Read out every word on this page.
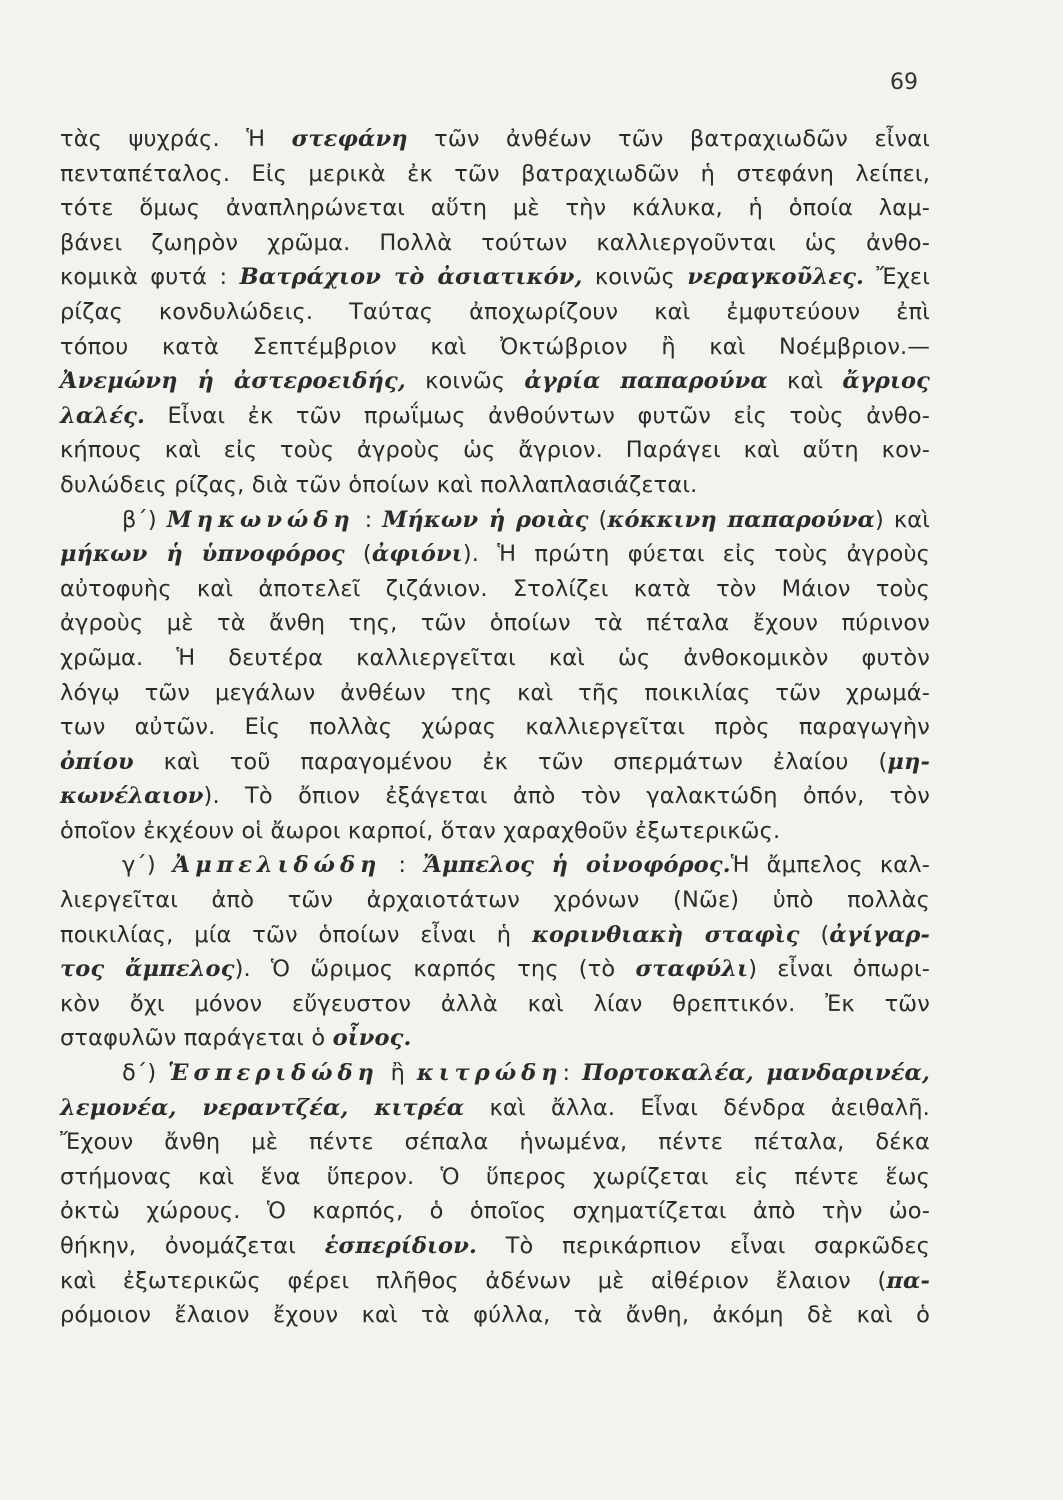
69
τὰς ψυχράς. Ἡ στεφάνη τῶν ἀνθέων τῶν βατραχιωδῶν εἶναι
πενταπέταλος. Εἰς μερικὰ ἐκ τῶν βατραχιωδῶν ἡ στεφάνη λείπει,
τότε ὅμως ἀναπληρώνεται αὕτη μὲ τὴν κάλυκα, ἡ ὁποία λαμ-
βάνει ζωηρὸν χρῶμα. Πολλὰ τούτων καλλιεργοῦνται ὡς ἀνθο-
κομικὰ φυτά : Βατράχιον τὸ ἀσιατικόν, κοινῶς νεραγκοῦλες. Ἔχει
ρίζας κονδυλώδεις. Ταύτας ἀποχωρίζουν καὶ ἐμφυτεύουν ἐπὶ
τόπου κατὰ Σεπτέμβριον καὶ Ὀκτώβριον ἢ καὶ Νοέμβριον.—
Ἀνεμώνη ἡ ἀστεροειδής, κοινῶς ἀγρία παπαρούνα καὶ ἄγριος
λαλές. Εἶναι ἐκ τῶν πρωΐμως ἀνθούντων φυτῶν εἰς τοὺς ἀνθο-
κήπους καὶ εἰς τοὺς ἀγροὺς ὡς ἄγριον. Παράγει καὶ αὕτη κον-
δυλώδεις ρίζας, διὰ τῶν ὁποίων καὶ πολλαπλασιάζεται.
β΄) Μηκωνώδη : Μήκων ἡ ροιὰς (κόκκινη παπαρούνα) καὶ
μήκων ἡ ὑπνοφόρος (ἀφιόνι). Ἡ πρώτη φύεται εἰς τοὺς ἀγροὺς
αὐτοφυὴς καὶ ἀποτελεῖ ζιζάνιον. Στολίζει κατὰ τὸν Μάιον τοὺς
ἀγροὺς μὲ τὰ ἄνθη της, τῶν ὁποίων τὰ πέταλα ἔχουν πύρινον
χρῶμα. Ἡ δευτέρα καλλιεργεῖται καὶ ὡς ἀνθοκομικὸν φυτὸν
λόγῳ τῶν μεγάλων ἀνθέων της καὶ τῆς ποικιλίας τῶν χρωμά-
των αὐτῶν. Εἰς πολλὰς χώρας καλλιεργεῖται πρὸς παραγωγὴν
ὀπίου καὶ τοῦ παραγομένου ἐκ τῶν σπερμάτων ἐλαίου (μη-
κωνέλαιον). Τὸ ὄπιον ἐξάγεται ἀπὸ τὸν γαλακτώδη ὀπόν, τὸν
ὁποῖον ἐκχέουν οἱ ἄωροι καρποί, ὅταν χαραχθοῦν ἐξωτερικῶς.
γ΄) Ἀμπελιδώδη : Ἄμπελος ἡ οἰνοφόρος.Ἡ ἄμπελος καλ-
λιεργεῖται ἀπὸ τῶν ἀρχαιοτάτων χρόνων (Νῶε) ὑπὸ πολλὰς
ποικιλίας, μία τῶν ὁποίων εἶναι ἡ κορινθιακὴ σταφὶς (ἀγίγαρ-
τος ἄμπελος). Ὁ ὥριμος καρπός της (τὸ σταφύλι) εἶναι ὀπωρι-
κὸν ὄχι μόνον εὔγευστον ἀλλὰ καὶ λίαν θρεπτικόν. Ἐκ τῶν
σταφυλῶν παράγεται ὁ οἶνος.
δ΄) Ἑσπεριδώδη ἢ κιτρώδη: Πορτοκαλέα, μανδαρινέα,
λεμονέα, νεραντζέα, κιτρέα καὶ ἄλλα. Εἶναι δένδρα ἀειθαλῆ.
Ἔχουν ἄνθη μὲ πέντε σέπαλα ἡνωμένα, πέντε πέταλα, δέκα
στήμονας καὶ ἕνα ὕπερον. Ὁ ὕπερος χωρίζεται εἰς πέντε ἕως
ὀκτὼ χώρους. Ὁ καρπός, ὁ ὁποῖος σχηματίζεται ἀπὸ τὴν ὠο-
θήκην, ὀνομάζεται ἑσπερίδιον. Τὸ περικάρπιον εἶναι σαρκῶδες
καὶ ἐξωτερικῶς φέρει πλῆθος ἀδένων μὲ αἰθέριον ἔλαιον (πα-
ρόμοιον ἔλαιον ἔχουν καὶ τὰ φύλλα, τὰ ἄνθη, ἀκόμη δὲ καὶ ὁ
